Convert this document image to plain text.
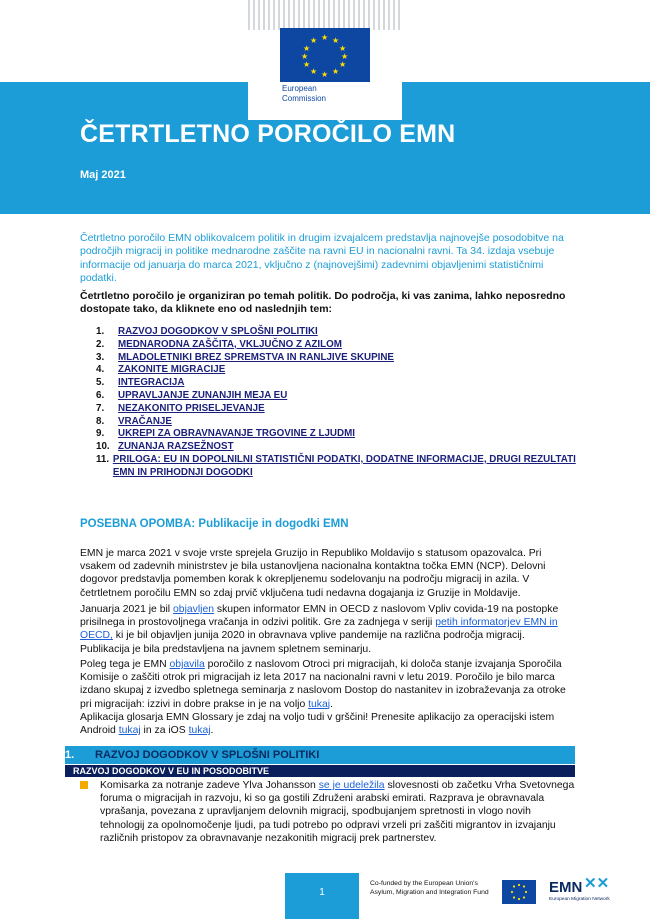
★ ★
★
★
★
★
★
★
★
★
★
★
European
Commission
ČETRTLETNO POROČILO EMN
Maj 2021
Četrtletno poročilo EMN oblikovalcem politik in drugim izvajalcem predstavlja najnovejše posodobitve na področjih migracij in politike mednarodne zaščite na ravni EU in nacionalni ravni. Ta 34. izdaja vsebuje informacije od januarja do marca 2021, vključno z (najnovejšimi) zadevnimi objavljenimi statističnimi podatki.
Četrtletno poročilo je organiziran po temah politik. Do področja, ki vas zanima, lahko neposredno dostopate tako, da kliknete eno od naslednjih tem:
1.	RAZVOJ DOGODKOV V SPLOŠNI POLITIKI
2.	MEDNARODNA ZAŠČITA, VKLJUČNO Z AZILOM
3.	MLADOLETNIKI BREZ SPREMSTVA IN RANLJIVE SKUPINE
4.	ZAKONITE MIGRACIJE
5.	INTEGRACIJA
6.	UPRAVLJANJE ZUNANJIH MEJA EU
7.	NEZAKONITO PRISELJEVANJE
8.	VRAČANJE
9.	UKREPI ZA OBRAVNAVANJE TRGOVINE Z LJUDMI
10. ZUNANJA RAZSEŽNOST
11. PRILOGA: EU IN DOPOLNILNI STATISTIČNI PODATKI, DODATNE INFORMACIJE, DRUGI REZULTATI EMN IN PRIHODNJI DOGODKI
POSEBNA OPOMBA: Publikacije in dogodki EMN
EMN je marca 2021 v svoje vrste sprejela Gruzijo in Republiko Moldavijo s statusom opazovalca. Pri vsakem od zadevnih ministrstev je bila ustanovljena nacionalna kontaktna točka EMN (NCP). Delovni dogovor predstavlja pomemben korak k okrepljenemu sodelovanju na področju migracij in azila. V četrtletnem poročilu EMN so zdaj prvič vključena tudi nedavna dogajanja iz Gruzije in Moldavije.
Januarja 2021 je bil objavljen skupen informator EMN in OECD z naslovom Vpliv covida-19 na postopke prisilnega in prostovoljnega vračanja in odzivi politik. Gre za zadnjega v seriji petih informatorjev EMN in OECD, ki je bil objavljen junija 2020 in obravnava vplive pandemije na različna področja migracij. Publikacija je bila predstavljena na javnem spletnem seminarju.
Poleg tega je EMN objavila poročilo z naslovom Otroci pri migracijah, ki določa stanje izvajanja Sporočila Komisije o zaščiti otrok pri migracijah iz leta 2017 na nacionalni ravni v letu 2019. Poročilo je bilo marca izdano skupaj z izvedbo spletnega seminarja z naslovom Dostop do nastanitev in izobraževanja za otroke pri migracijah: izzivi in dobre prakse in je na voljo tukaj.
Aplikacija glosarja EMN Glossary je zdaj na voljo tudi v grščini! Prenesite aplikacijo za operacijski istem Android tukaj in za iOS tukaj.
1.	RAZVOJ DOGODKOV V SPLOŠNI POLITIKI
RAZVOJ DOGODKOV V EU IN POSODOBITVE
Komisarka za notranje zadeve Ylva Johansson se je udeležila slovesnosti ob začetku Vrha Svetovnega foruma o migracijah in razvoju, ki so ga gostili Združeni arabski emirati. Razprava je obravnavala vprašanja, povezana z upravljanjem delovnih migracij, spodbujanjem spretnosti in vlogo novih tehnologij za opolnomočenje ljudi, pa tudi potrebo po odpravi vrzeli pri zaščiti migrantov in izvajanju različnih pristopov za obravnavanje nezakonitih migracij prek partnerstev.
1
Co-funded by the European Union's Asylum, Migration and Integration Fund	EMN ✕✕
European Migration Network
